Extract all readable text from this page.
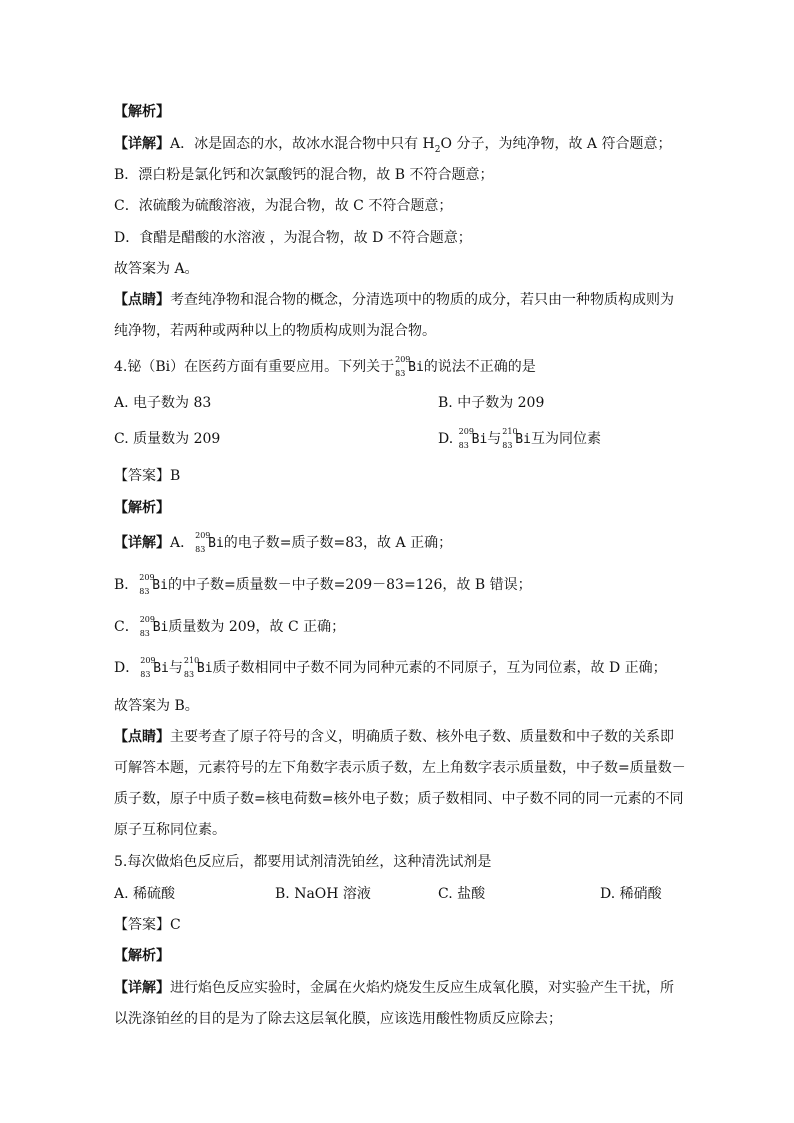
【解析】
【详解】A．冰是固态的水，故冰水混合物中只有 $H_2O$ 分子，为纯净物，故 A 符合题意；
B．漂白粉是氯化钙和次氯酸钙的混合物，故 B 不符合题意；
C．浓硫酸为硫酸溶液，为混合物，故 C 不符合题意；
D．食醋是醋酸的水溶液 ，为混合物，故 D 不符合题意；
故答案为 A。
【点睛】考查纯净物和混合物的概念，分清选项中的物质的成分，若只由一种物质构成则为
纯净物，若两种或两种以上的物质构成则为混合物。
4.铋（Bi）在医药方面有重要应用。下列关于 209
83 Bi的说法不正确的是
A. 电子数为 83	B. 中子数为 209
C. 质量数为 209	D. 209
83 Bi与 210
83 Bi互为同位素
【答案】B
【解析】
【详解】A． 209
83 Bi的电子数=质子数=83，故 A 正确；
B． 209
83 Bi的中子数=质量数－中子数=209－83=126，故 B 错误；
C． 209
83 Bi质量数为 209，故 C 正确；
D． 209
83 Bi与 210
83 Bi质子数相同中子数不同为同种元素的不同原子，互为同位素，故 D 正确；
故答案为 B。
【点睛】主要考查了原子符号的含义，明确质子数、核外电子数、质量数和中子数的关系即
可解答本题，元素符号的左下角数字表示质子数，左上角数字表示质量数，中子数=质量数－
质子数，原子中质子数=核电荷数=核外电子数；质子数相同、中子数不同的同一元素的不同
原子互称同位素。
5.每次做焰色反应后，都要用试剂清洗铂丝，这种清洗试剂是
A. 稀硫酸	B. NaOH 溶液	C. 盐酸	D. 稀硝酸
【答案】C
【解析】
【详解】进行焰色反应实验时，金属在火焰灼烧发生反应生成氧化膜，对实验产生干扰，所
以洗涤铂丝的目的是为了除去这层氧化膜，应该选用酸性物质反应除去；
